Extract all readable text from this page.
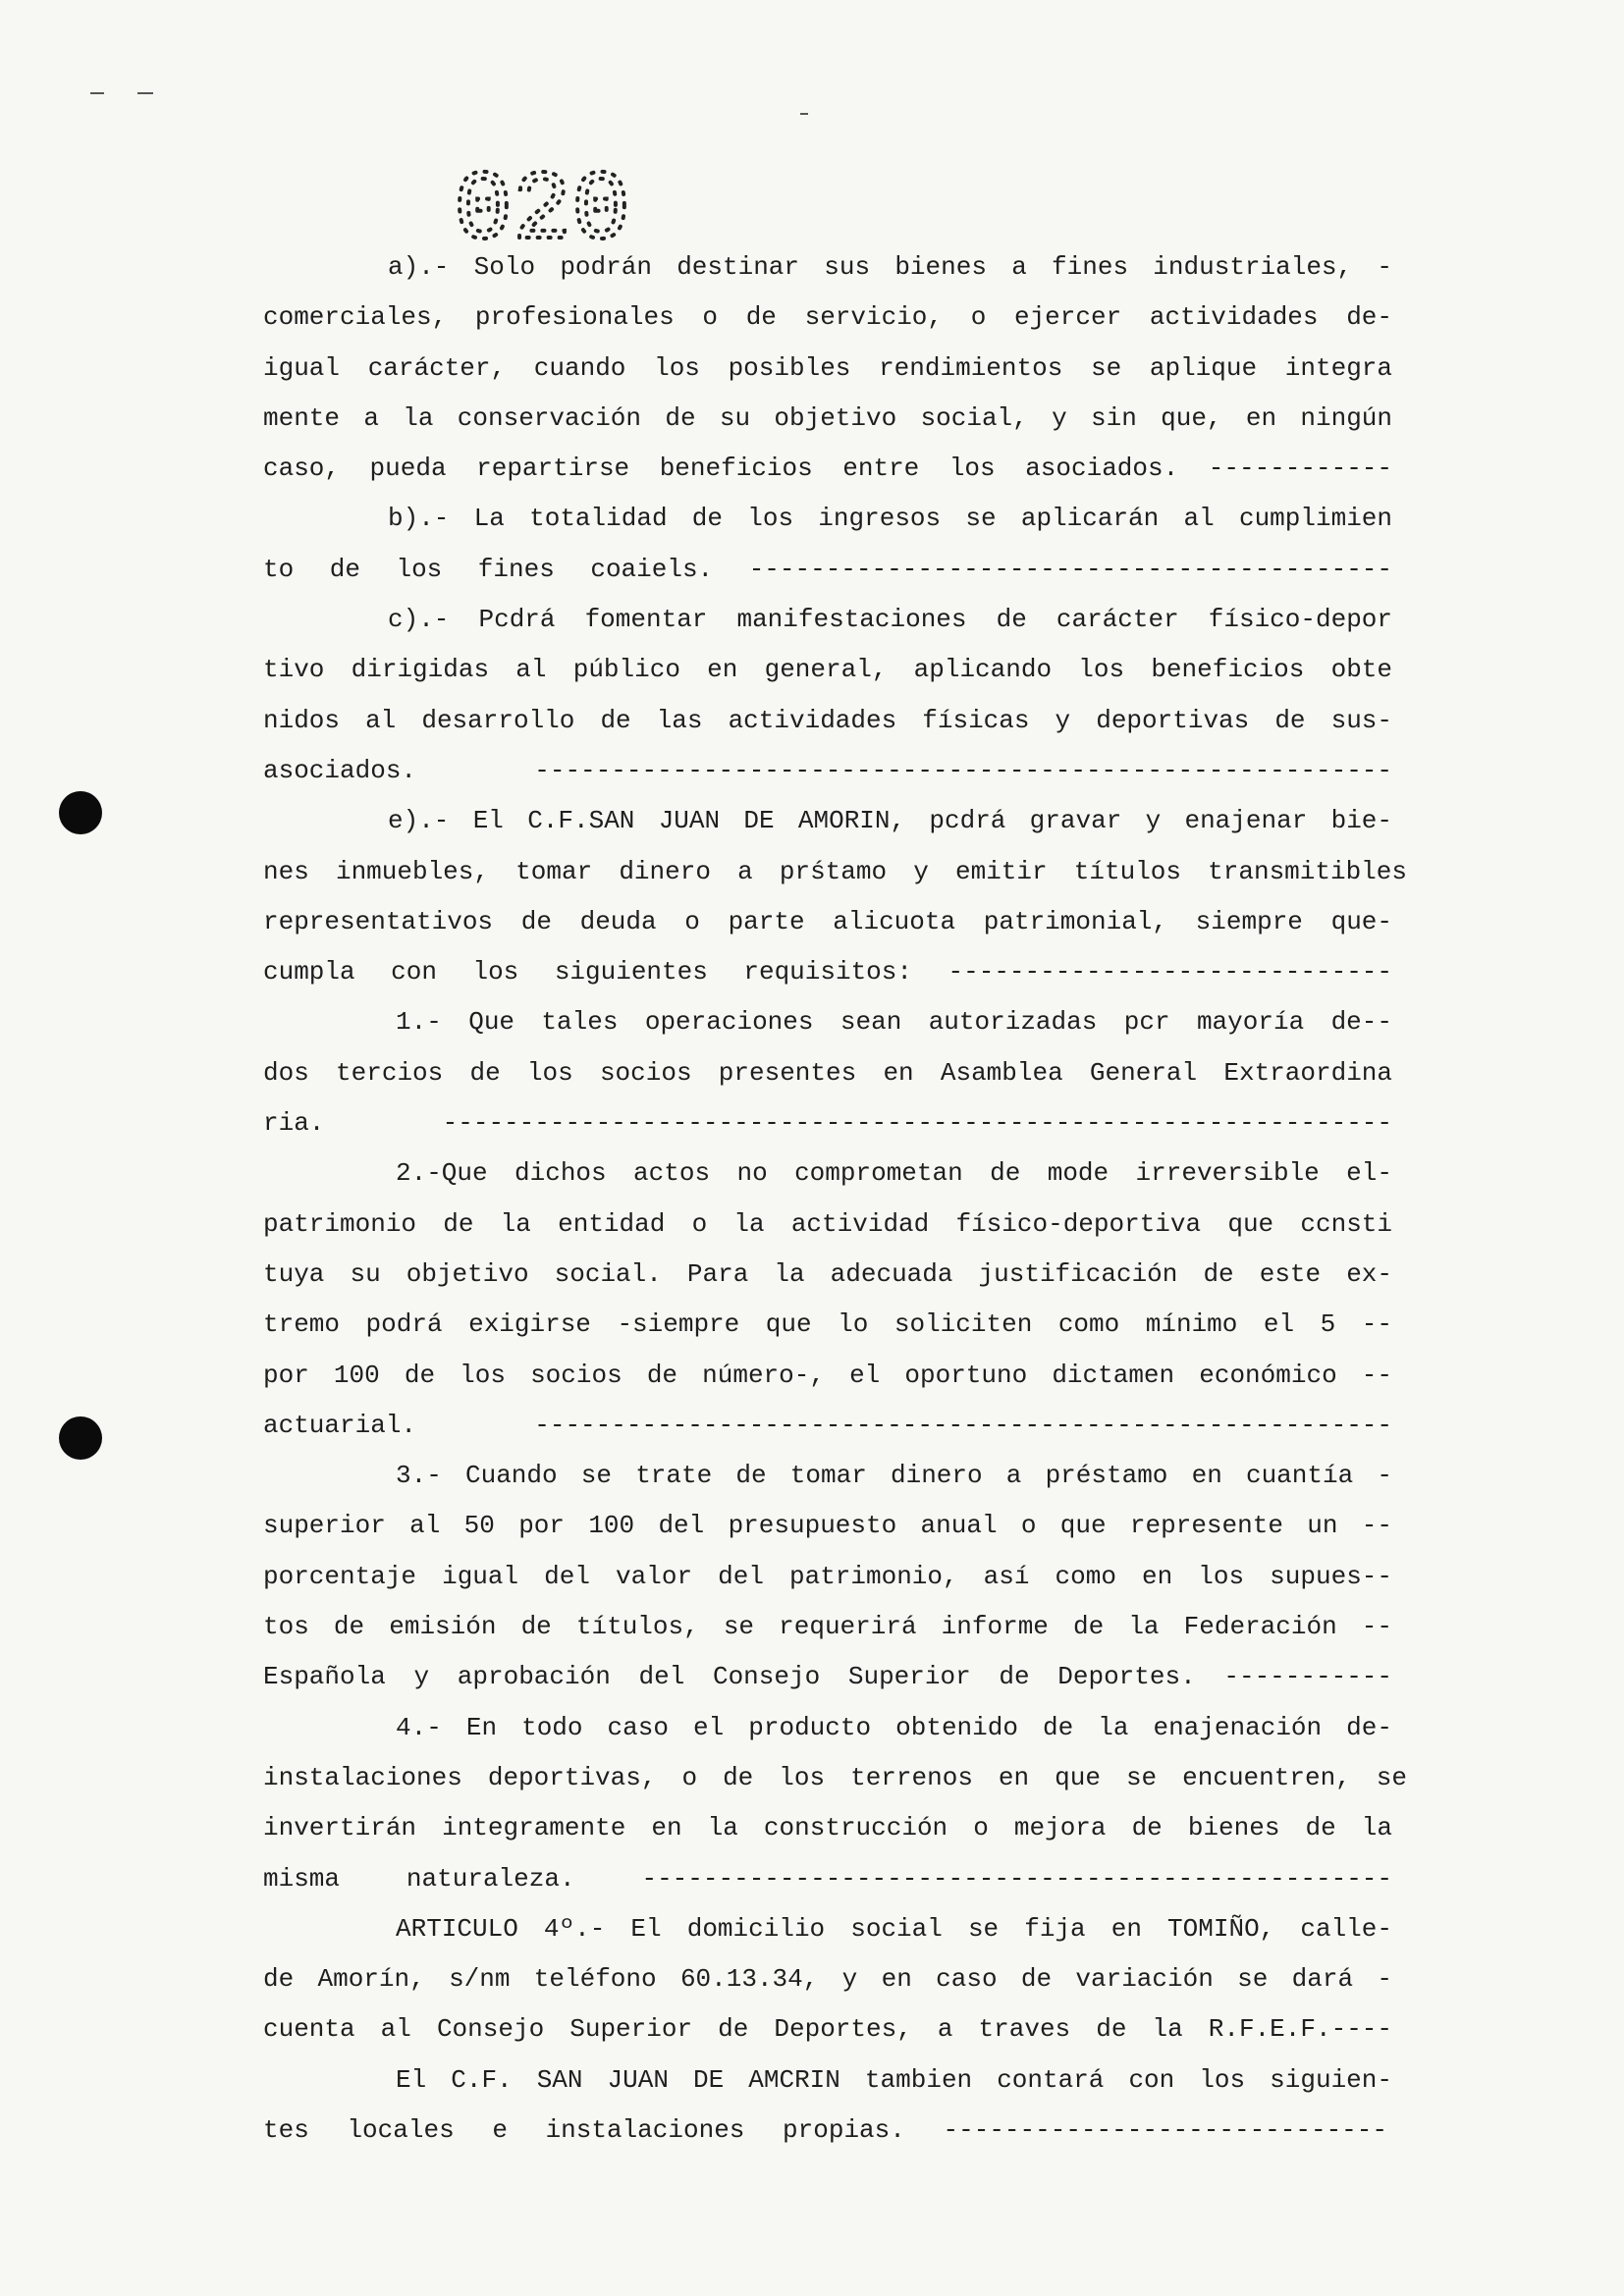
020
a).- Solo podrán destinar sus bienes a fines industriales, -
comerciales, profesionales o de servicio, o ejercer actividades de-
igual carácter, cuando los posibles rendimientos se aplique integra
mente a la conservación de su objetivo social, y sin que, en ningún
caso, pueda repartirse beneficios entre los asociados. ------------
b).- La totalidad de los ingresos se aplicarán al cumplimien
to de los fines coaiels. ------------------------------------------
c).- Pcdrá fomentar manifestaciones de carácter físico-depor
tivo dirigidas al público en general, aplicando los beneficios obte
nidos al desarrollo de las actividades físicas y deportivas de sus-
asociados. --------------------------------------------------------
e).- El C.F.SAN JUAN DE AMORIN, pcdrá gravar y enajenar bie-
nes inmuebles, tomar dinero a prśtamo y emitir títulos transmitibles
representativos de deuda o parte alicuota patrimonial, siempre que-
cumpla con los siguientes requisitos: -----------------------------
1.- Que tales operaciones sean autorizadas pcr mayoría de--
dos tercios de los socios presentes en Asamblea General Extraordina
ria. --------------------------------------------------------------
2.-Que dichos actos no comprometan de mode irreversible el-
patrimonio de la entidad o la actividad físico-deportiva que ccnsti
tuya su objetivo social. Para la adecuada justificación de este ex-
tremo podrá exigirse -siempre que lo soliciten como mínimo el 5 --
por 100 de los socios de número-, el oportuno dictamen económico --
actuarial. --------------------------------------------------------
3.- Cuando se trate de tomar dinero a préstamo en cuantía -
superior al 50 por 100 del presupuesto anual o que represente un --
porcentaje igual del valor del patrimonio, así como en los supues--
tos de emisión de títulos, se requerirá informe de la Federación --
Española y aprobación del Consejo Superior de Deportes. -----------
4.- En todo caso el producto obtenido de la enajenación de-
instalaciones deportivas, o de los terrenos en que se encuentren, se
invertirán integramente en la construcción o mejora de bienes de la
misma naturaleza. -------------------------------------------------
ARTICULO 4º.- El domicilio social se fija en TOMIÑO, calle-
de Amorín, s/nm teléfono 60.13.34, y en caso de variación se dará -
cuenta al Consejo Superior de Deportes, a traves de la R.F.E.F.----
El C.F. SAN JUAN DE AMCRIN tambien contará con los siguien-
tes locales e instalaciones propias. -----------------------------
